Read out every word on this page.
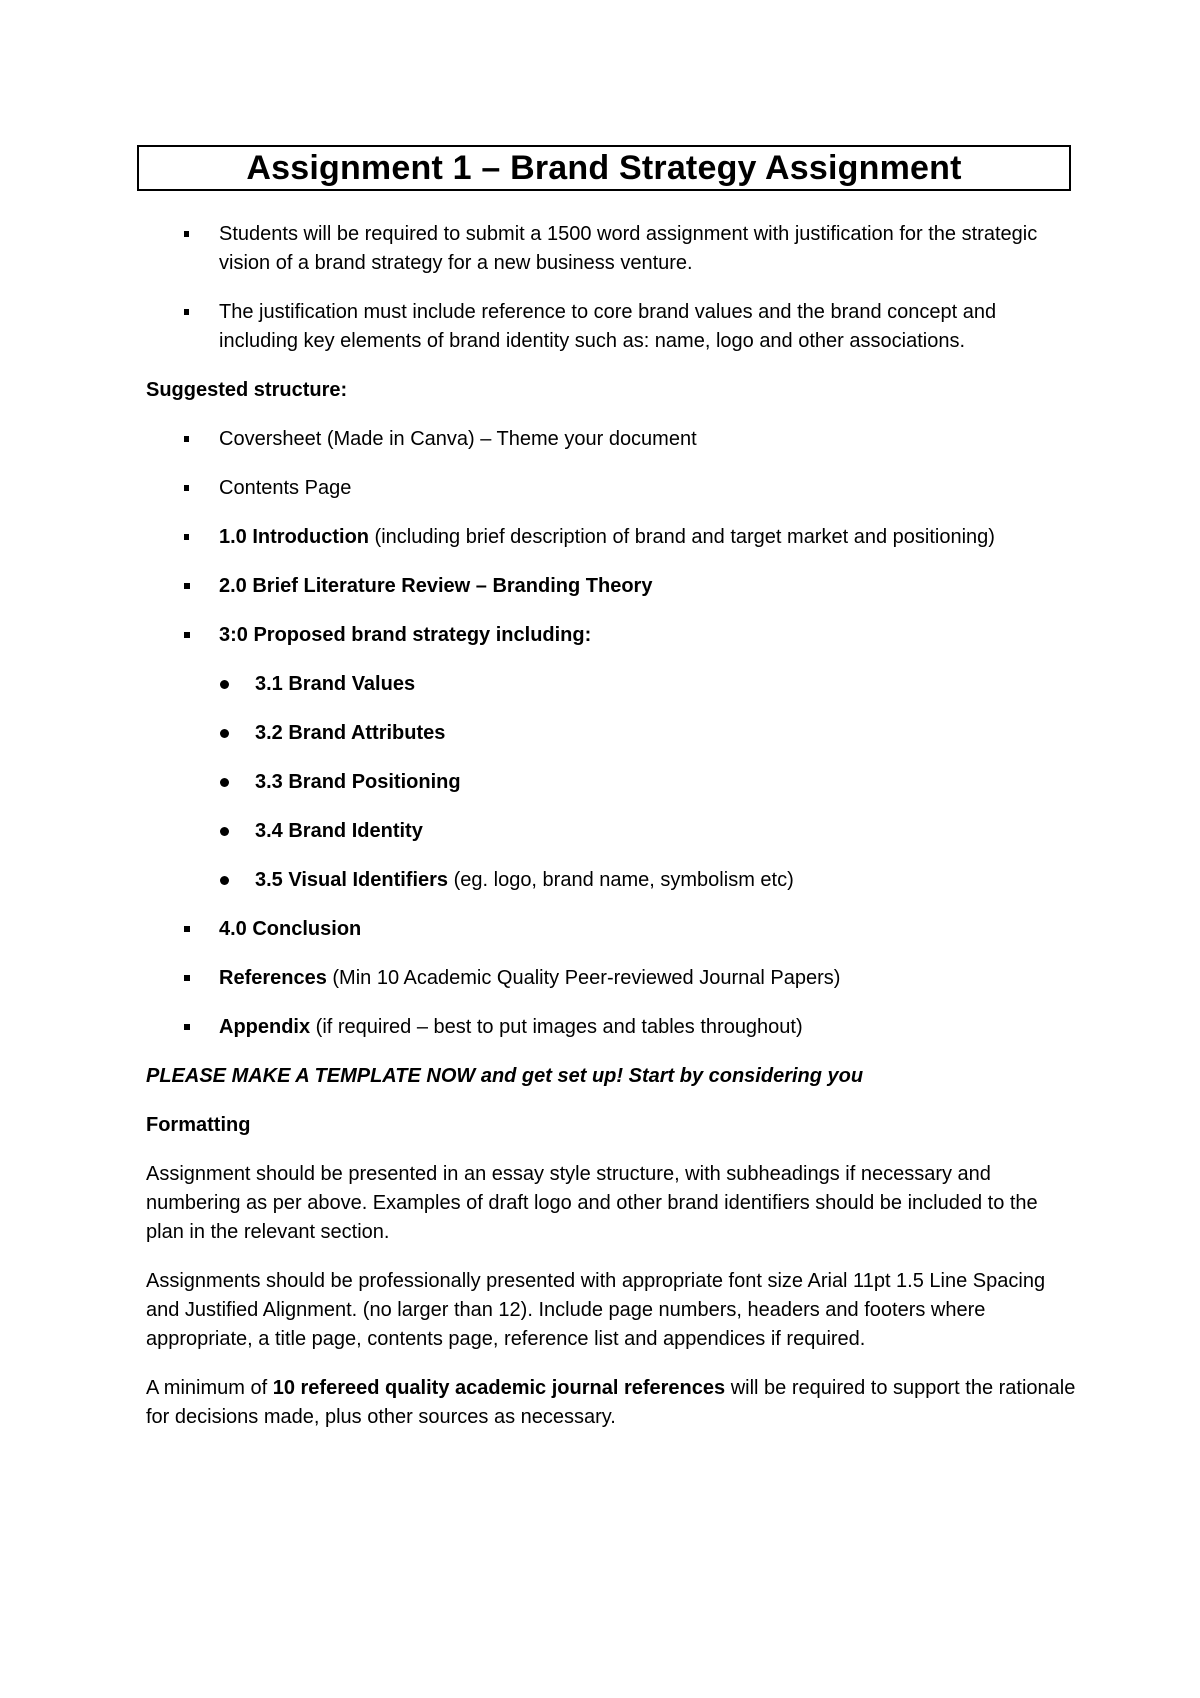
Assignment 1 – Brand Strategy Assignment
Students will be required to submit a 1500 word assignment with justification for the strategic vision of a brand strategy for a new business venture.
The justification must include reference to core brand values and the brand concept and including key elements of brand identity such as: name, logo and other associations.

Suggested structure:

Coversheet (Made in Canva) – Theme your document
Contents Page
1.0 Introduction (including brief description of brand and target market and positioning)
2.0 Brief Literature Review – Branding Theory
3:0 Proposed brand strategy including:
3.1 Brand Values
3.2 Brand Attributes
3.3 Brand Positioning
3.4 Brand Identity
3.5 Visual Identifiers (eg. logo, brand name, symbolism etc)
4.0 Conclusion
References (Min 10 Academic Quality Peer-reviewed Journal Papers)
Appendix (if required – best to put images and tables throughout)

PLEASE MAKE A TEMPLATE NOW and get set up! Start by considering you

Formatting

Assignment should be presented in an essay style structure, with subheadings if necessary and numbering as per above. Examples of draft logo and other brand identifiers should be included to the plan in the relevant section.

Assignments should be professionally presented with appropriate font size Arial 11pt 1.5 Line Spacing and Justified Alignment. (no larger than 12). Include page numbers, headers and footers where appropriate, a title page, contents page, reference list and appendices if required.

A minimum of 10 refereed quality academic journal references will be required to support the rationale for decisions made, plus other sources as necessary.
